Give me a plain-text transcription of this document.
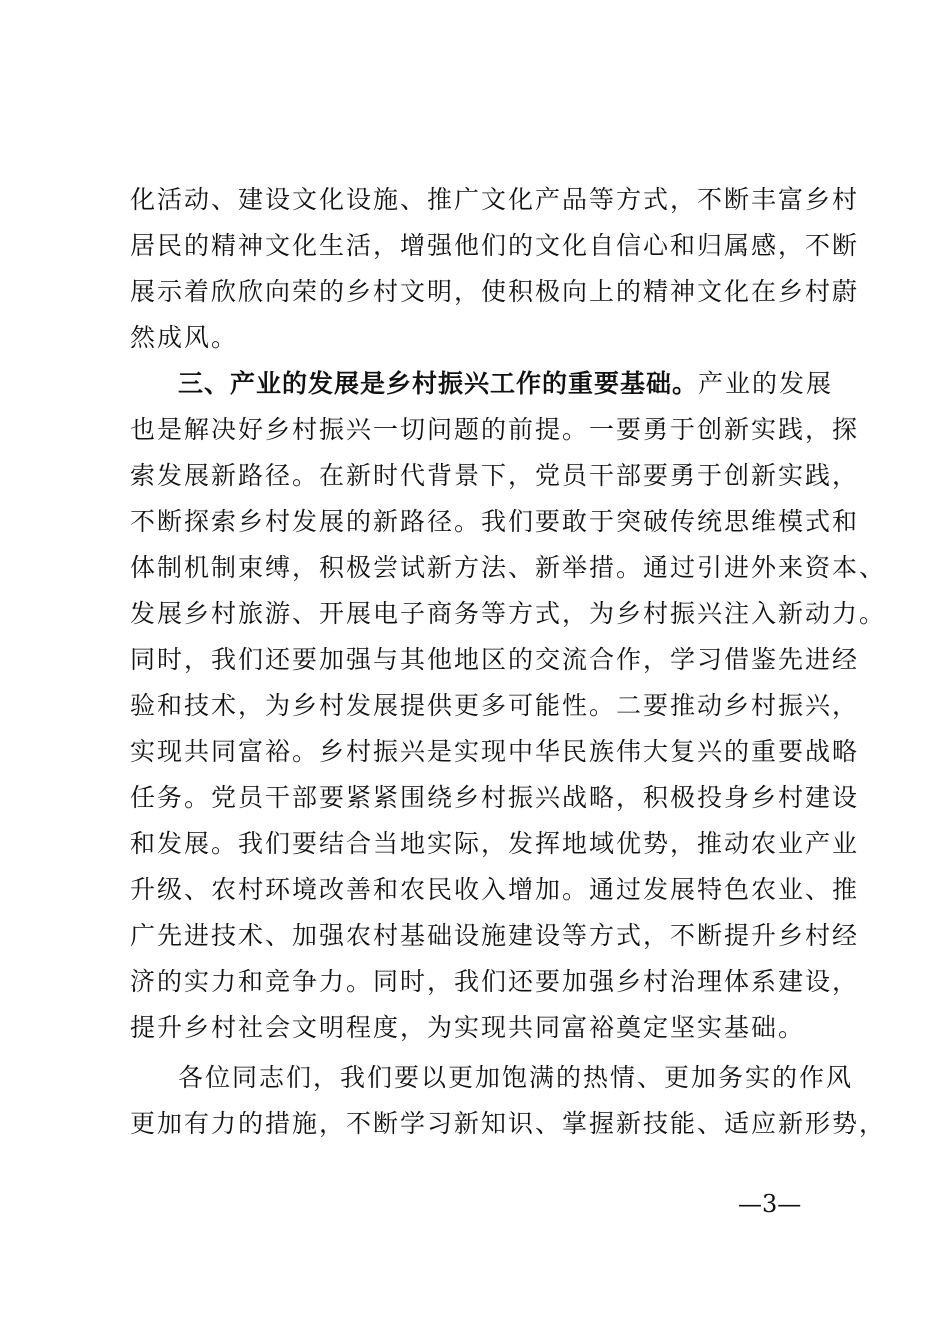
化活动、建设文化设施、推广文化产品等方式，不断丰富乡村
居民的精神文化生活，增强他们的文化自信心和归属感，不断
展示着欣欣向荣的乡村文明，使积极向上的精神文化在乡村蔚
然成风。
三、产业的发展是乡村振兴工作的重要基础。产业的发展
也是解决好乡村振兴一切问题的前提。一要勇于创新实践，探
索发展新路径。在新时代背景下，党员干部要勇于创新实践，
不断探索乡村发展的新路径。我们要敢于突破传统思维模式和
体制机制束缚，积极尝试新方法、新举措。通过引进外来资本、
发展乡村旅游、开展电子商务等方式，为乡村振兴注入新动力。
同时，我们还要加强与其他地区的交流合作，学习借鉴先进经
验和技术，为乡村发展提供更多可能性。二要推动乡村振兴，
实现共同富裕。乡村振兴是实现中华民族伟大复兴的重要战略
任务。党员干部要紧紧围绕乡村振兴战略，积极投身乡村建设
和发展。我们要结合当地实际，发挥地域优势，推动农业产业
升级、农村环境改善和农民收入增加。通过发展特色农业、推
广先进技术、加强农村基础设施建设等方式，不断提升乡村经
济的实力和竞争力。同时，我们还要加强乡村治理体系建设，
提升乡村社会文明程度，为实现共同富裕奠定坚实基础。
各位同志们，我们要以更加饱满的热情、更加务实的作风
更加有力的措施，不断学习新知识、掌握新技能、适应新形势，
—3—
